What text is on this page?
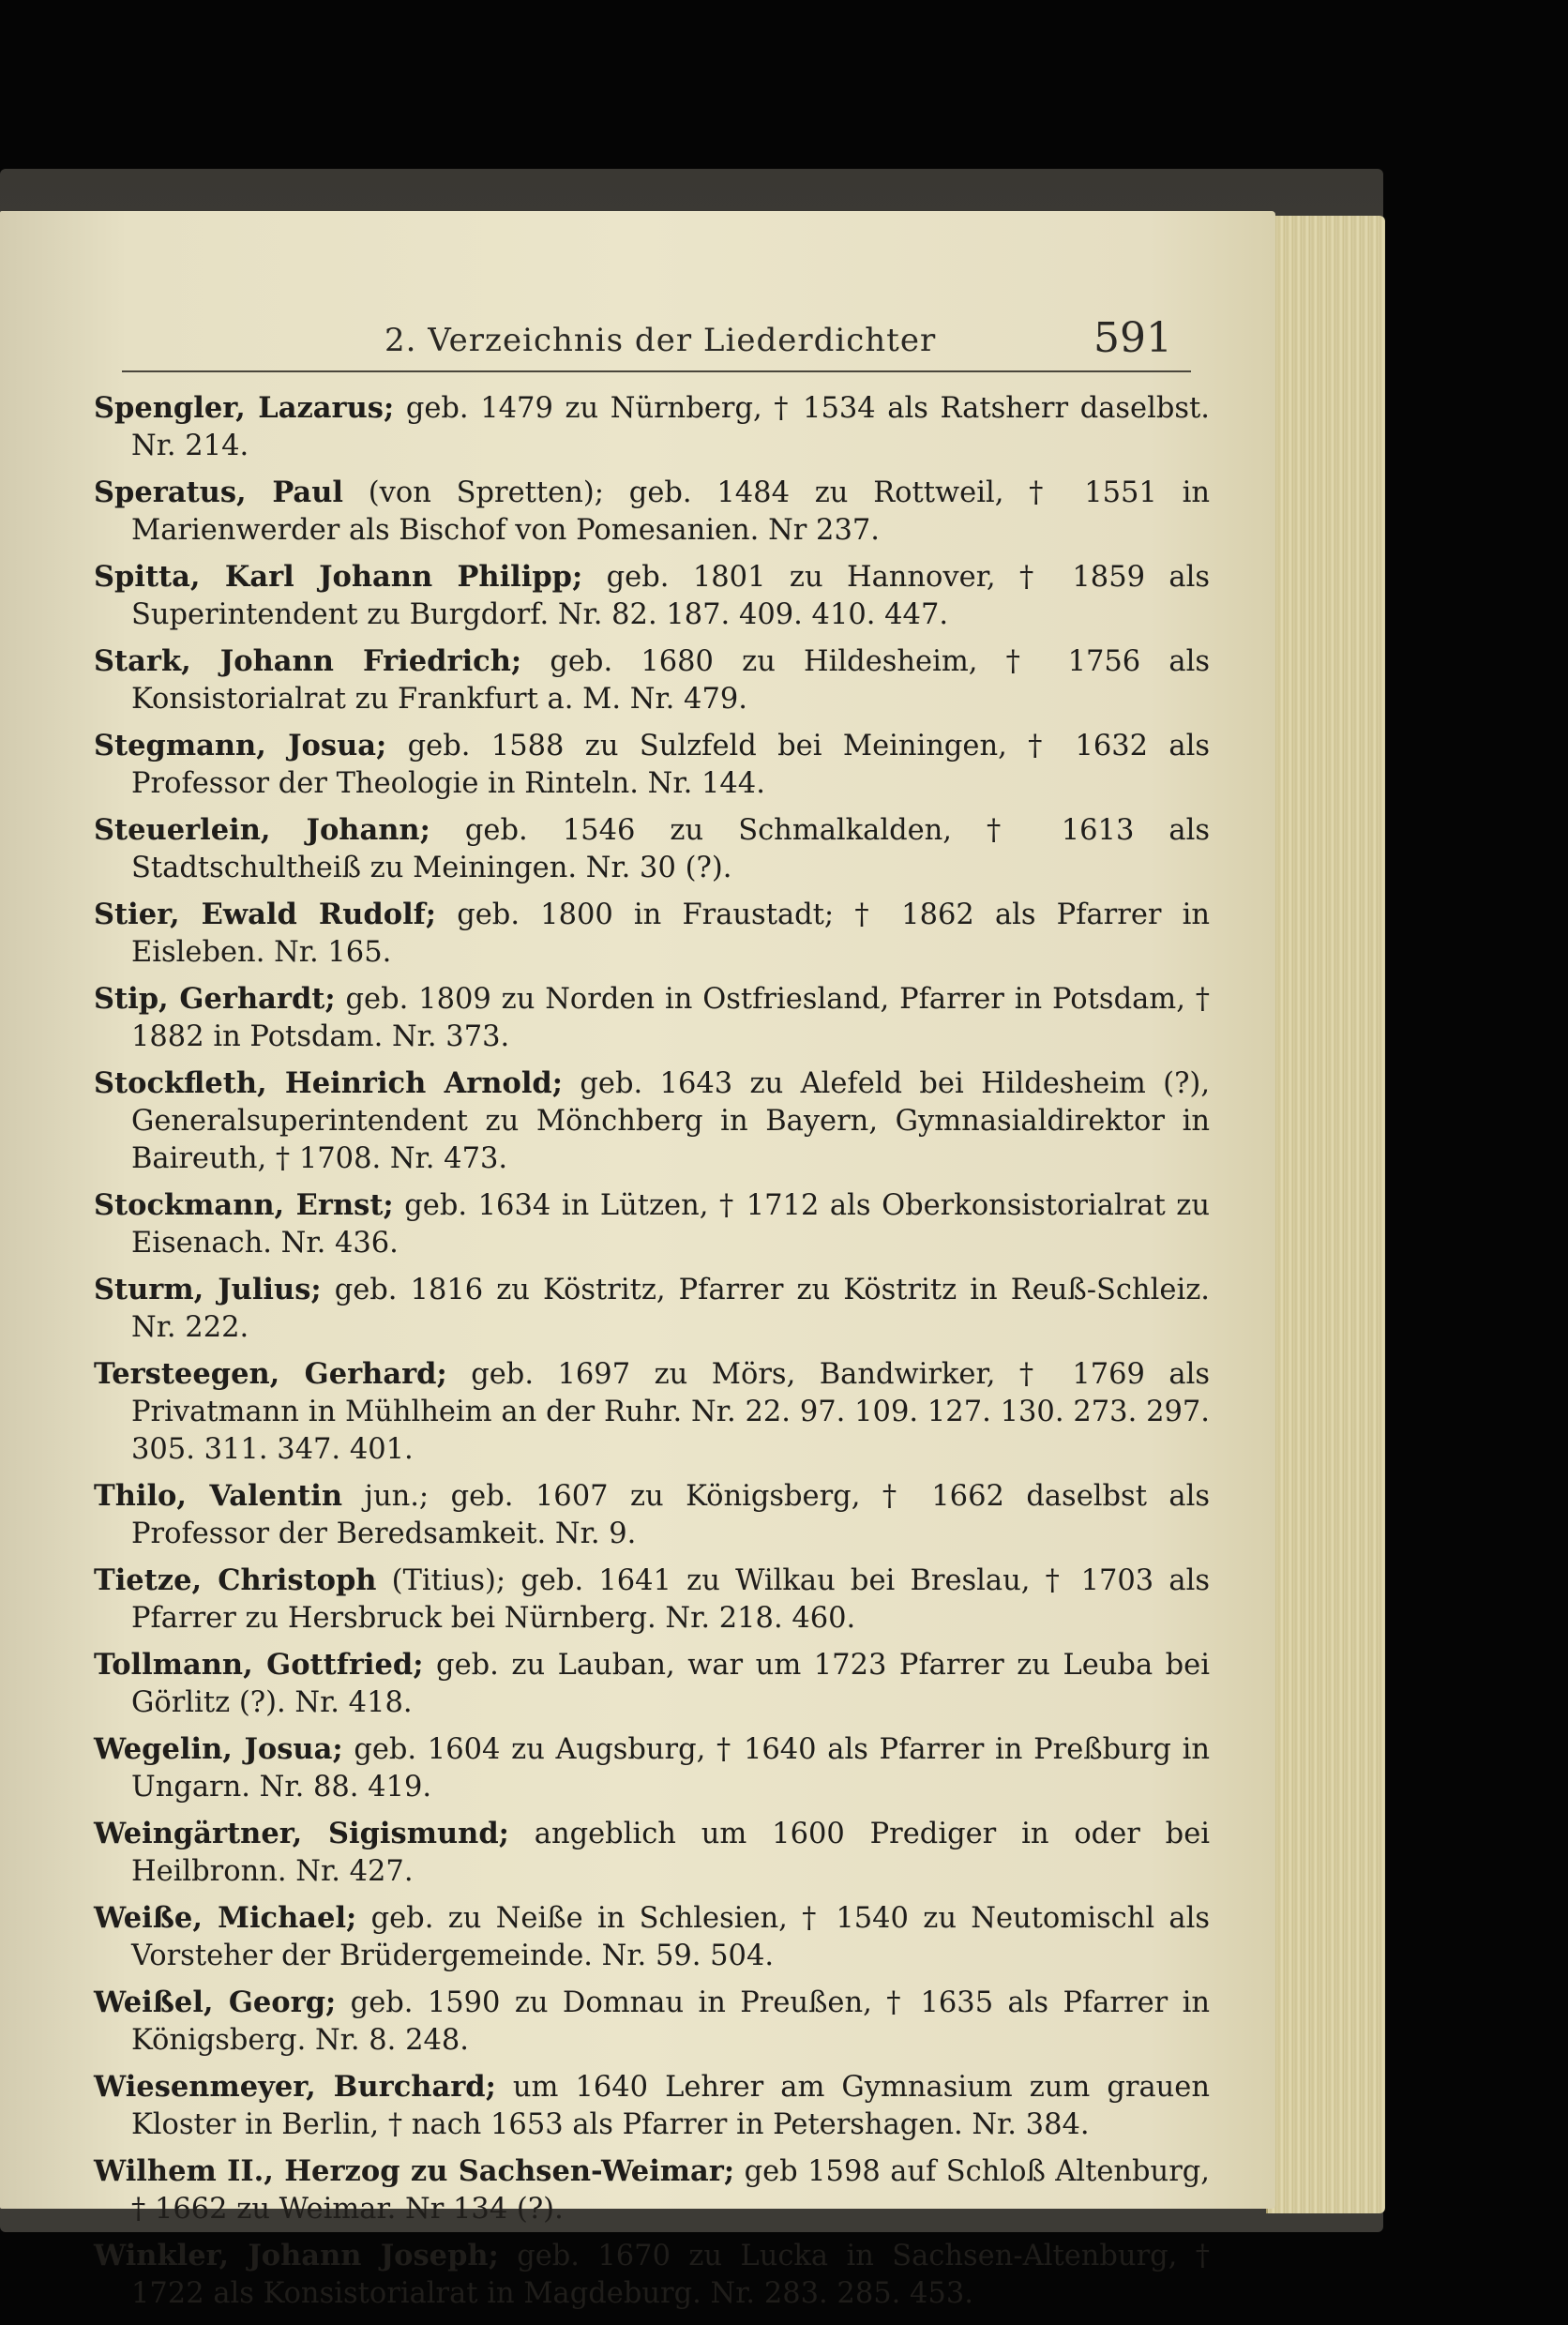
2. Verzeichnis der Liederdichter	591

Spengler, Lazarus; geb. 1479 zu Nürnberg, † 1534 als Ratsherr daselbst. Nr. 214.

Speratus, Paul (von Spretten); geb. 1484 zu Rottweil, † 1551 in Marienwerder als Bischof von Pomesanien. Nr 237.

Spitta, Karl Johann Philipp; geb. 1801 zu Hannover, † 1859 als Superintendent zu Burgdorf. Nr. 82. 187. 409. 410. 447.

Stark, Johann Friedrich; geb. 1680 zu Hildesheim, † 1756 als Konsistorialrat zu Frankfurt a. M. Nr. 479.

Stegmann, Josua; geb. 1588 zu Sulzfeld bei Meiningen, † 1632 als Professor der Theologie in Rinteln. Nr. 144.

Steuerlein, Johann; geb. 1546 zu Schmalkalden, † 1613 als Stadtschultheiß zu Meiningen. Nr. 30 (?).

Stier, Ewald Rudolf; geb. 1800 in Fraustadt; † 1862 als Pfarrer in Eisleben. Nr. 165.

Stip, Gerhardt; geb. 1809 zu Norden in Ostfriesland, Pfarrer in Potsdam, † 1882 in Potsdam. Nr. 373.

Stockfleth, Heinrich Arnold; geb. 1643 zu Alefeld bei Hildesheim (?), Generalsuperintendent zu Mönchberg in Bayern, Gymnasialdirektor in Baireuth, † 1708. Nr. 473.

Stockmann, Ernst; geb. 1634 in Lützen, † 1712 als Oberkonsistorialrat zu Eisenach. Nr. 436.

Sturm, Julius; geb. 1816 zu Köstritz, Pfarrer zu Köstritz in Reuß-Schleiz. Nr. 222.

Tersteegen, Gerhard; geb. 1697 zu Mörs, Bandwirker, † 1769 als Privatmann in Mühlheim an der Ruhr. Nr. 22. 97. 109. 127. 130. 273. 297. 305. 311. 347. 401.

Thilo, Valentin jun.; geb. 1607 zu Königsberg, † 1662 daselbst als Professor der Beredsamkeit. Nr. 9.

Tietze, Christoph (Titius); geb. 1641 zu Wilkau bei Breslau, † 1703 als Pfarrer zu Hersbruck bei Nürnberg. Nr. 218. 460.

Tollmann, Gottfried; geb. zu Lauban, war um 1723 Pfarrer zu Leuba bei Görlitz (?). Nr. 418.

Wegelin, Josua; geb. 1604 zu Augsburg, † 1640 als Pfarrer in Preßburg in Ungarn. Nr. 88. 419.

Weingärtner, Sigismund; angeblich um 1600 Prediger in oder bei Heilbronn. Nr. 427.

Weiße, Michael; geb. zu Neiße in Schlesien, † 1540 zu Neutomischl als Vorsteher der Brüdergemeinde. Nr. 59. 504.

Weißel, Georg; geb. 1590 zu Domnau in Preußen, † 1635 als Pfarrer in Königsberg. Nr. 8. 248.

Wiesenmeyer, Burchard; um 1640 Lehrer am Gymnasium zum grauen Kloster in Berlin, † nach 1653 als Pfarrer in Petershagen. Nr. 384.

Wilhem II., Herzog zu Sachsen-Weimar; geb 1598 auf Schloß Altenburg, † 1662 zu Weimar. Nr 134 (?).

Winkler, Johann Joseph; geb. 1670 zu Lucka in Sachsen-Altenburg, † 1722 als Konsistorialrat in Magdeburg. Nr. 283. 285. 453.
